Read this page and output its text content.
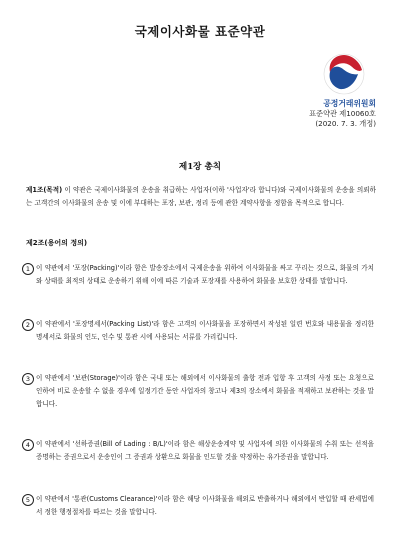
국제이사화물 표준약관
공정거래위원회
표준약관 제10060호
(2020. 7. 3. 개정)
제1장 총칙
제1조(목적) 이 약관은 국제이사화물의 운송을 취급하는 사업자(이하 '사업자'라 합니다)와 국제이사화물의 운송을 의뢰하는 고객간의 이사화물의 운송 및 이에 부대하는 포장, 보관, 정리 등에 관한 계약사항을 정함을 목적으로 합니다.
제2조(용어의 정의)
1 이 약관에서 '포장(Packing)'이라 함은 발송장소에서 국제운송을 위하여 이사화물을 싸고 꾸리는 것으로, 화물의 가치와 상태를 최적의 상태로 운송하기 위해 이에 따른 기술과 포장재를 사용하여 화물을 보호한 상태를 말합니다.
2 이 약관에서 '포장명세서(Packing List)'라 함은 고객의 이사화물을 포장하면서 작성된 일련 번호와 내용물을 정리한 명세서로 화물의 인도, 인수 및 통관 시에 사용되는 서류를 가리킵니다.
3 이 약관에서 '보관(Storage)'이라 함은 국내 또는 해외에서 이사화물의 출항 전과 입항 후 고객의 사정 또는 요청으로 인하여 비로 운송할 수 없을 경우에 일정기간 동안 사업자의 창고나 제3의 장소에서 화물을 적재하고 보관하는 것을 말합니다.
4 이 약관에서 '선하증권(Bill of Lading : B/L)'이라 함은 해상운송계약 및 사업자에 의한 이사화물의 수취 또는 선적을 증명하는 증권으로서 운송인이 그 증권과 상환으로 화물을 인도할 것을 약정하는 유가증권을 말합니다.
5 이 약관에서 '통관(Customs Clearance)'이라 함은 해당 이사화물을 해외로 반출하거나 해외에서 반입할 때 관세법에서 정한 행정절차를 따르는 것을 말합니다.
